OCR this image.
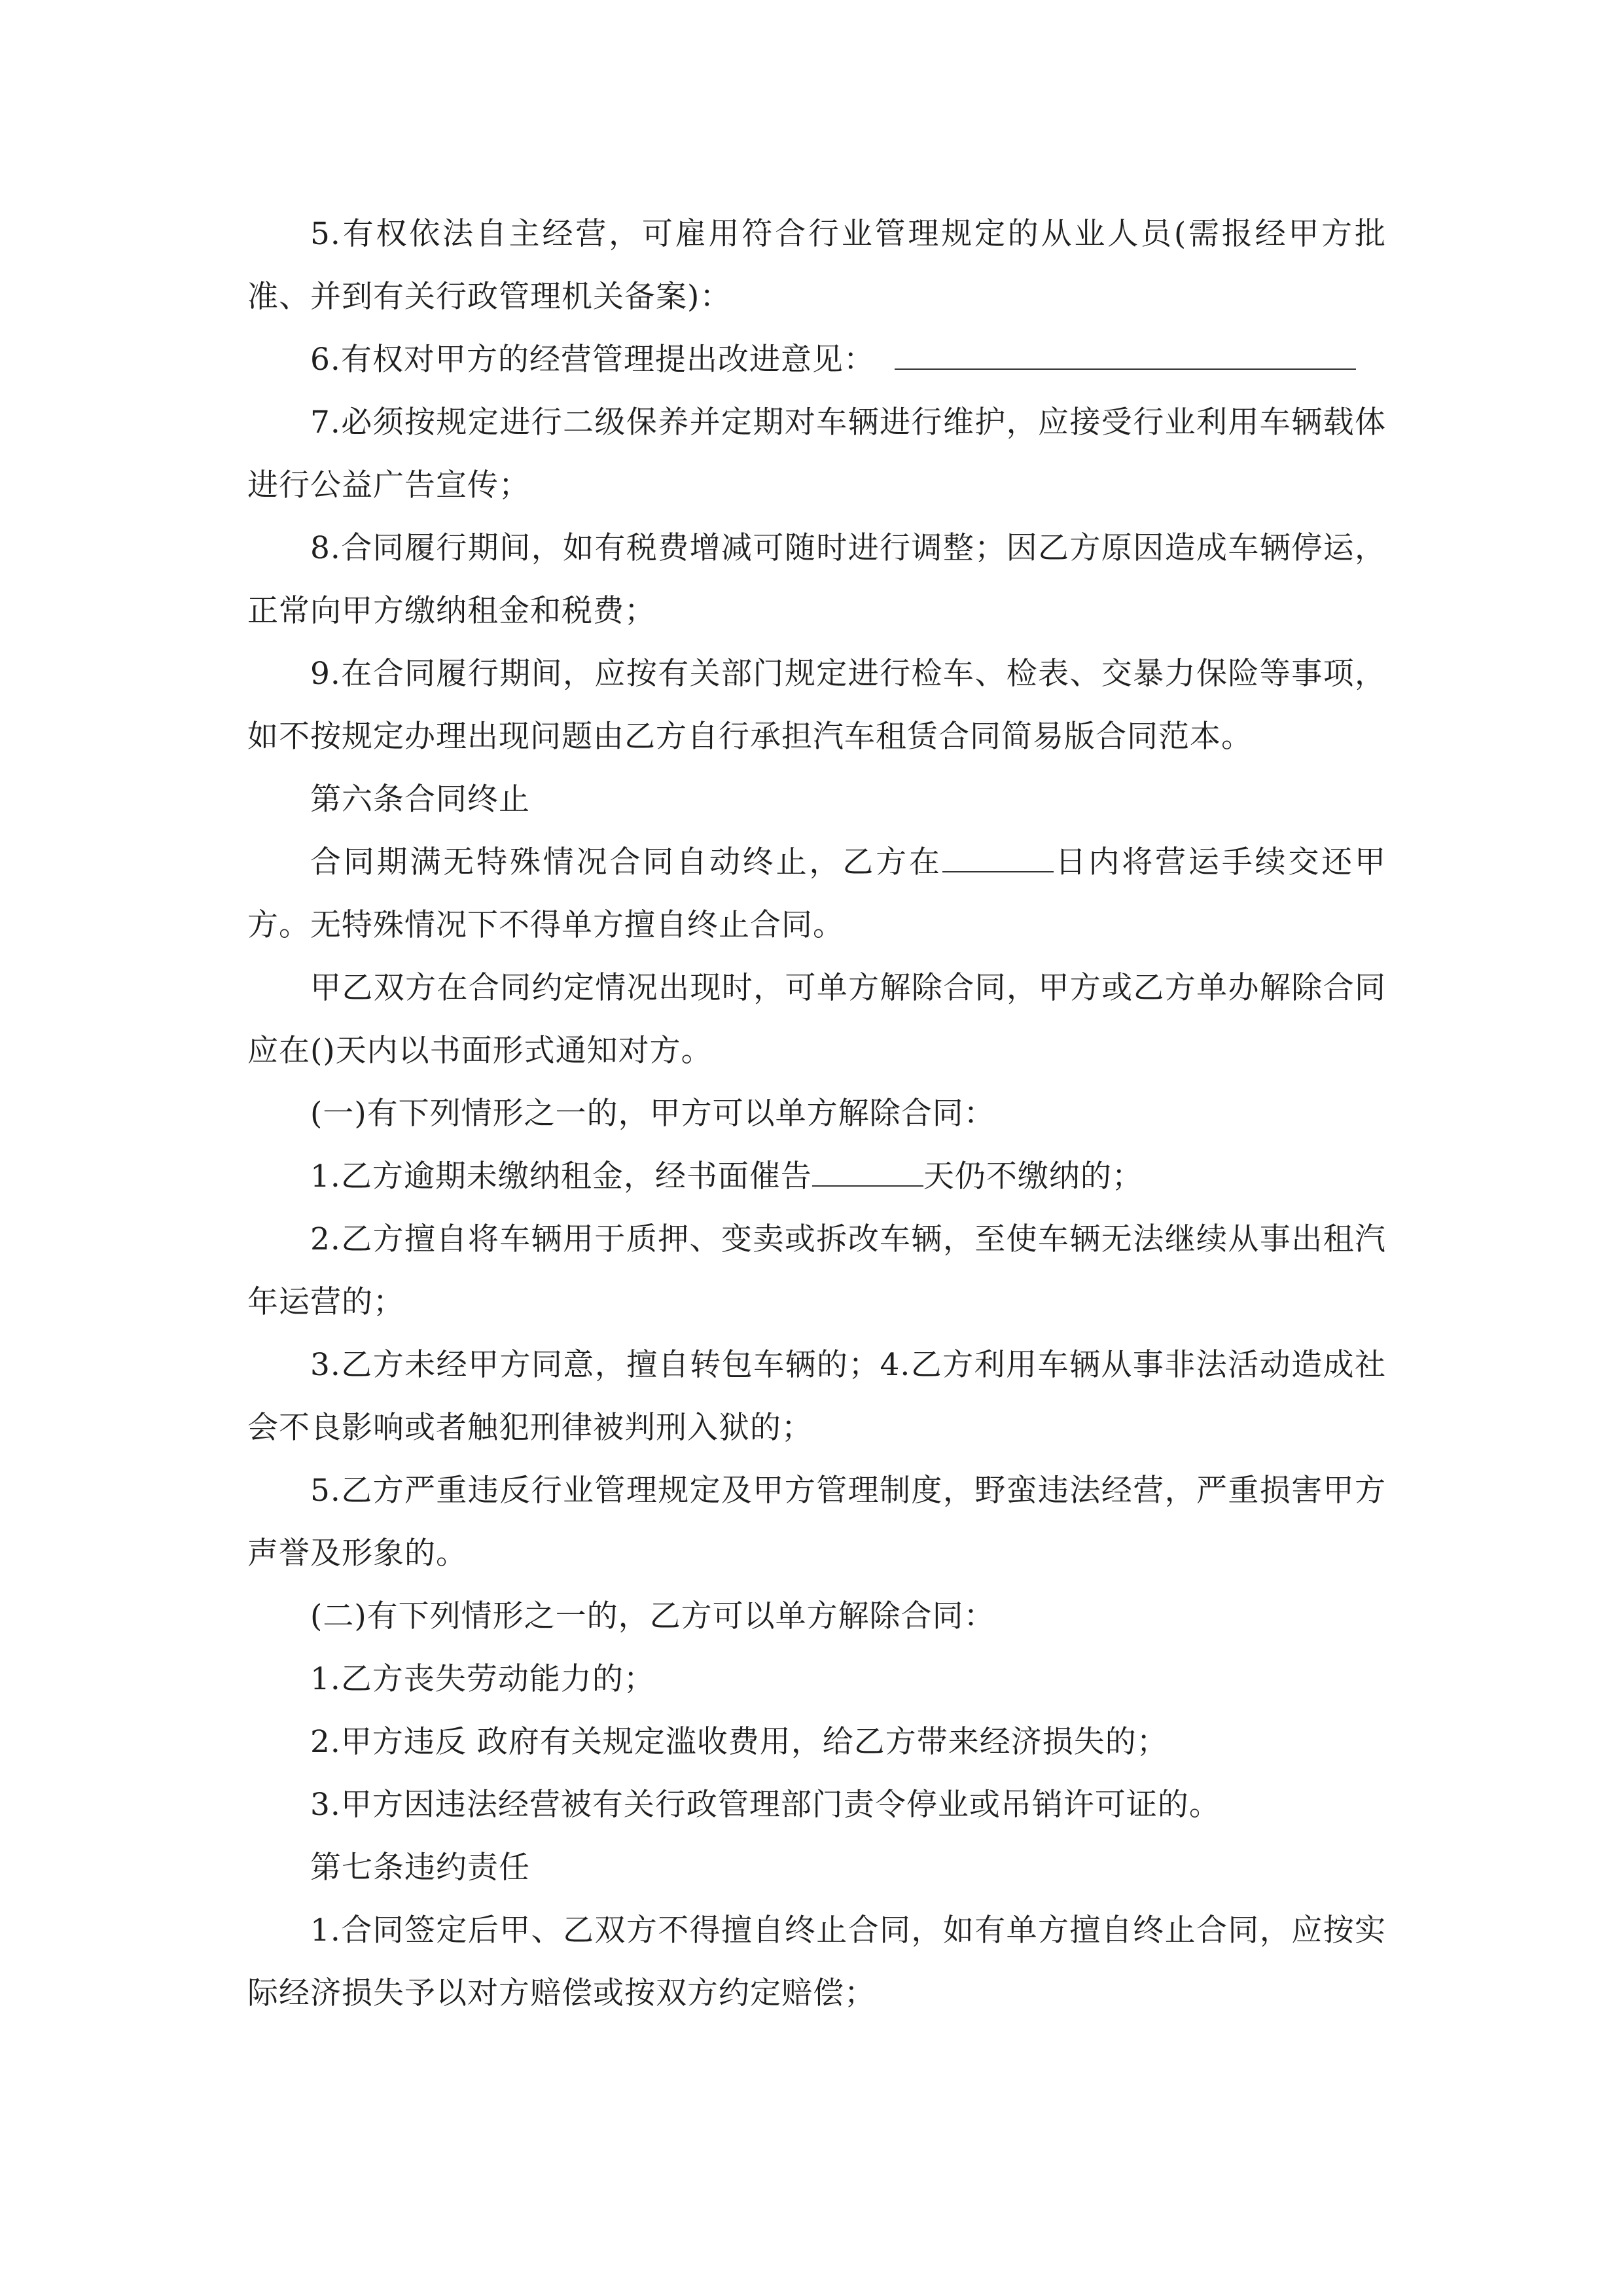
5.有权依法自主经营，可雇用符合行业管理规定的从业人员(需报经甲方批准、并到有关行政管理机关备案)：

6.有权对甲方的经营管理提出改进意见：

7.必须按规定进行二级保养并定期对车辆进行维护，应接受行业利用车辆载体进行公益广告宣传；

8.合同履行期间，如有税费增减可随时进行调整；因乙方原因造成车辆停运，正常向甲方缴纳租金和税费；

9.在合同履行期间，应按有关部门规定进行检车、检表、交暴力保险等事项，如不按规定办理出现问题由乙方自行承担汽车租赁合同简易版合同范本。

第六条合同终止

合同期满无特殊情况合同自动终止，乙方在	日内将营运手续交还甲方。无特殊情况下不得单方擅自终止合同。

甲乙双方在合同约定情况出现时，可单方解除合同，甲方或乙方单办解除合同应在()天内以书面形式通知对方。

(一)有下列情形之一的，甲方可以单方解除合同：

1.乙方逾期未缴纳租金，经书面催告	天仍不缴纳的；

2.乙方擅自将车辆用于质押、变卖或拆改车辆，至使车辆无法继续从事出租汽年运营的；

3.乙方未经甲方同意，擅自转包车辆的；4.乙方利用车辆从事非法活动造成社会不良影响或者触犯刑律被判刑入狱的；

5.乙方严重违反行业管理规定及甲方管理制度，野蛮违法经营，严重损害甲方声誉及形象的。

(二)有下列情形之一的，乙方可以单方解除合同：

1.乙方丧失劳动能力的；

2.甲方违反 政府有关规定滥收费用，给乙方带来经济损失的；

3.甲方因违法经营被有关行政管理部门责令停业或吊销许可证的。

第七条违约责任

1.合同签定后甲、乙双方不得擅自终止合同，如有单方擅自终止合同，应按实际经济损失予以对方赔偿或按双方约定赔偿；
